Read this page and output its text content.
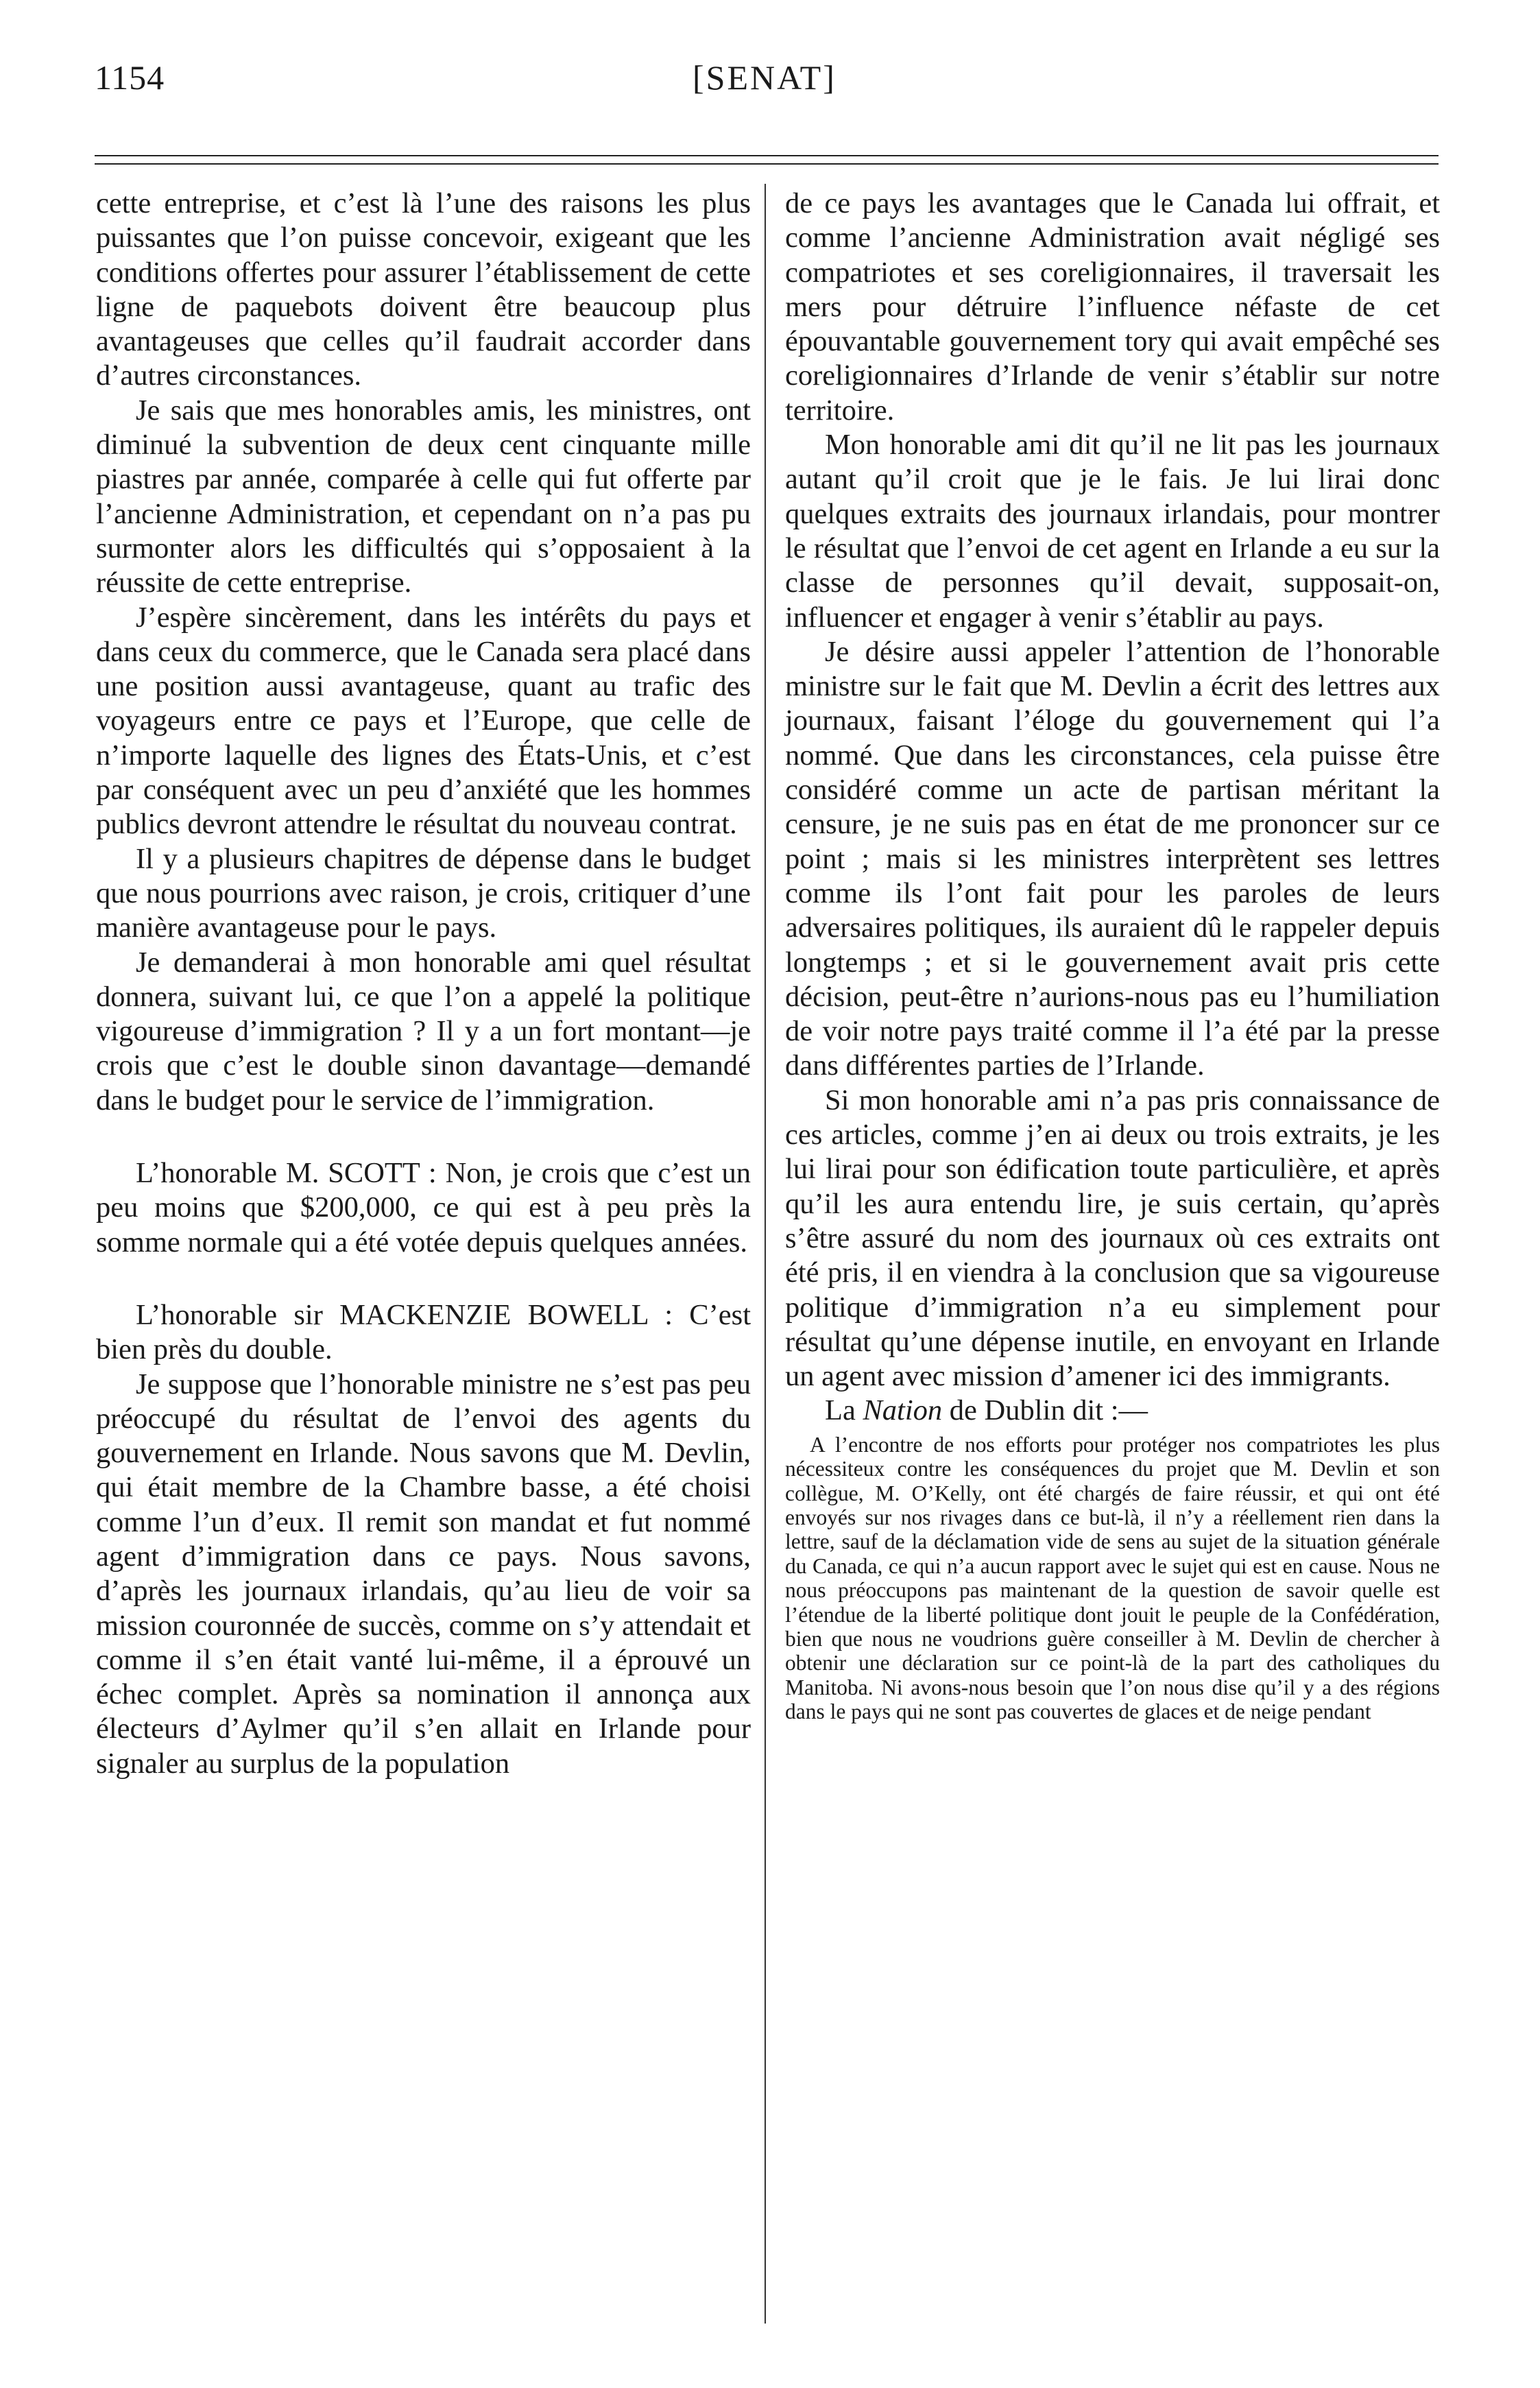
1154	[SENAT]

cette entreprise, et c’est là l’une des raisons les plus puissantes que l’on puisse concevoir, exigeant que les conditions offertes pour assurer l’établissement de cette ligne de paquebots doivent être beaucoup plus avantageuses que celles qu’il faudrait accorder dans d’autres circonstances.

Je sais que mes honorables amis, les ministres, ont diminué la subvention de deux cent cinquante mille piastres par année, comparée à celle qui fut offerte par l’ancienne Administration, et cependant on n’a pas pu surmonter alors les difficultés qui s’opposaient à la réussite de cette entreprise.

J’espère sincèrement, dans les intérêts du pays et dans ceux du commerce, que le Canada sera placé dans une position aussi avantageuse, quant au trafic des voyageurs entre ce pays et l’Europe, que celle de n’importe laquelle des lignes des États-Unis, et c’est par conséquent avec un peu d’anxiété que les hommes publics devront attendre le résultat du nouveau contrat.

Il y a plusieurs chapitres de dépense dans le budget que nous pourrions avec raison, je crois, critiquer d’une manière avantageuse pour le pays.

Je demanderai à mon honorable ami quel résultat donnera, suivant lui, ce que l’on a appelé la politique vigoureuse d’immigration ? Il y a un fort montant—je crois que c’est le double sinon davantage—demandé dans le budget pour le service de l’immigration.

L’honorable M. SCOTT : Non, je crois que c’est un peu moins que $200,000, ce qui est à peu près la somme normale qui a été votée depuis quelques années.

L’honorable sir MACKENZIE BOWELL : C’est bien près du double.

Je suppose que l’honorable ministre ne s’est pas peu préoccupé du résultat de l’envoi des agents du gouvernement en Irlande. Nous savons que M. Devlin, qui était membre de la Chambre basse, a été choisi comme l’un d’eux. Il remit son mandat et fut nommé agent d’immigration dans ce pays. Nous savons, d’après les journaux irlandais, qu’au lieu de voir sa mission couronnée de succès, comme on s’y attendait et comme il s’en était vanté lui-même, il a éprouvé un échec complet. Après sa nomination il annonça aux électeurs d’Aylmer qu’il s’en allait en Irlande pour signaler au surplus de la population

de ce pays les avantages que le Canada lui offrait, et comme l’ancienne Administration avait négligé ses compatriotes et ses coreligionnaires, il traversait les mers pour détruire l’influence néfaste de cet épouvantable gouvernement tory qui avait empêché ses coreligionnaires d’Irlande de venir s’établir sur notre territoire.

Mon honorable ami dit qu’il ne lit pas les journaux autant qu’il croit que je le fais. Je lui lirai donc quelques extraits des journaux irlandais, pour montrer le résultat que l’envoi de cet agent en Irlande a eu sur la classe de personnes qu’il devait, supposait-on, influencer et engager à venir s’établir au pays.

Je désire aussi appeler l’attention de l’honorable ministre sur le fait que M. Devlin a écrit des lettres aux journaux, faisant l’éloge du gouvernement qui l’a nommé. Que dans les circonstances, cela puisse être considéré comme un acte de partisan méritant la censure, je ne suis pas en état de me prononcer sur ce point ; mais si les ministres interprètent ses lettres comme ils l’ont fait pour les paroles de leurs adversaires politiques, ils auraient dû le rappeler depuis longtemps ; et si le gouvernement avait pris cette décision, peut-être n’aurions-nous pas eu l’humiliation de voir notre pays traité comme il l’a été par la presse dans différentes parties de l’Irlande.

Si mon honorable ami n’a pas pris connaissance de ces articles, comme j’en ai deux ou trois extraits, je les lui lirai pour son édification toute particulière, et après qu’il les aura entendu lire, je suis certain, qu’après s’être assuré du nom des journaux où ces extraits ont été pris, il en viendra à la conclusion que sa vigoureuse politique d’immigration n’a eu simplement pour résultat qu’une dépense inutile, en envoyant en Irlande un agent avec mission d’amener ici des immigrants.

La Nation de Dublin dit :—

A l’encontre de nos efforts pour protéger nos compatriotes les plus nécessiteux contre les conséquences du projet que M. Devlin et son collègue, M. O’Kelly, ont été chargés de faire réussir, et qui ont été envoyés sur nos rivages dans ce but-là, il n’y a réellement rien dans la lettre, sauf de la déclamation vide de sens au sujet de la situation générale du Canada, ce qui n’a aucun rapport avec le sujet qui est en cause. Nous ne nous préoccupons pas maintenant de la question de savoir quelle est l’étendue de la liberté politique dont jouit le peuple de la Confédération, bien que nous ne voudrions guère conseiller à M. Devlin de chercher à obtenir une déclaration sur ce point-là de la part des catholiques du Manitoba. Ni avons-nous besoin que l’on nous dise qu’il y a des régions dans le pays qui ne sont pas couvertes de glaces et de neige pendant
